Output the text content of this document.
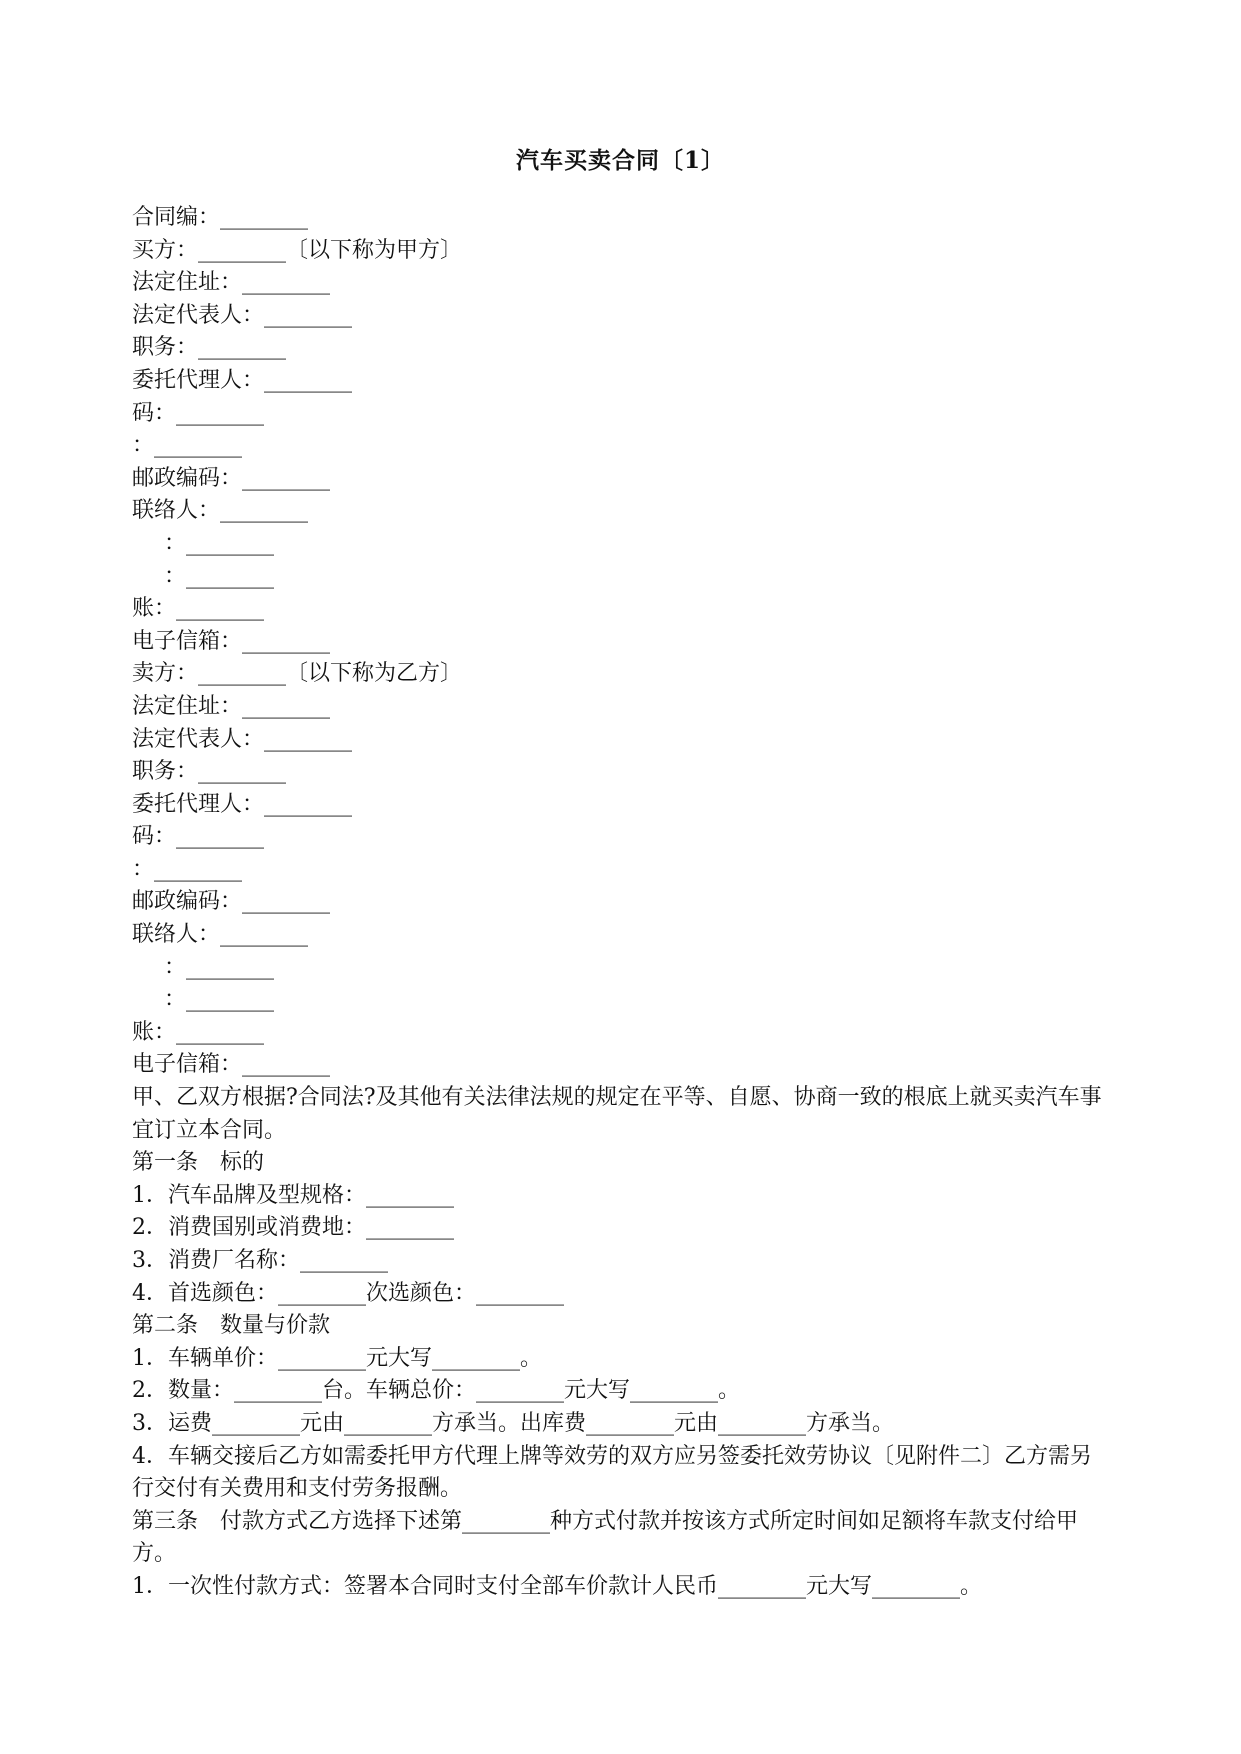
汽车买卖合同〔1〕

合同编：________

买方：________〔以下称为甲方〕

法定住址：________

法定代表人：________

职务：________

委托代理人：________

码：________

：________

邮政编码：________

联络人：________

：________

：________

账：________

电子信箱：________

卖方：________〔以下称为乙方〕

法定住址：________

法定代表人：________

职务：________

委托代理人：________

码：________

：________

邮政编码：________

联络人：________

：________

：________

账：________

电子信箱：________

甲、乙双方根据?合同法?及其他有关法律法规的规定在平等、自愿、协商一致的根底上就买卖汽车事宜订立本合同。

第一条　标的

1．汽车品牌及型规格：________

2．消费国别或消费地：________

3．消费厂名称：________

4．首选颜色：________次选颜色：________

第二条　数量与价款

1．车辆单价：________元大写________。

2．数量：________台。车辆总价：________元大写________。

3．运费________元由________方承当。出库费________元由________方承当。

4．车辆交接后乙方如需委托甲方代理上牌等效劳的双方应另签委托效劳协议〔见附件二〕乙方需另行交付有关费用和支付劳务报酬。

第三条　付款方式乙方选择下述第________种方式付款并按该方式所定时间如足额将车款支付给甲方。

1．一次性付款方式：签署本合同时支付全部车价款计人民币________元大写________。
